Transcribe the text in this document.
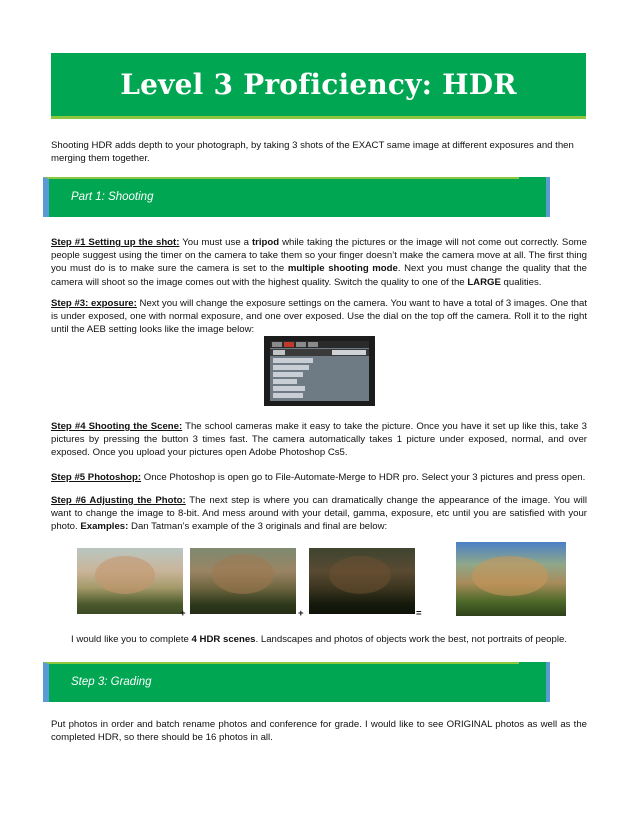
Level 3 Proficiency: HDR

Shooting HDR adds depth to your photograph, by taking 3 shots of the EXACT same image at different exposures and then merging them together.

Part 1: Shooting

Step #1 Setting up the shot: You must use a tripod while taking the pictures or the image will not come out correctly. Some people suggest using the timer on the camera to take them so your finger doesn’t make the camera move at all. The first thing you must do is to make sure the camera is set to the multiple shooting mode. Next you must change the quality that the camera will shoot so the image comes out with the highest quality. Switch the quality to one of the LARGE qualities.

Step #3: exposure: Next you will change the exposure settings on the camera. You want to have a total of 3 images. One that is under exposed, one with normal exposure, and one over exposed. Use the dial on the top off the camera. Roll it to the right until the AEB setting looks like the image below:

Step #4 Shooting the Scene: The school cameras make it easy to take the picture. Once you have it set up like this, take 3 pictures by pressing the button 3 times fast. The camera automatically takes 1 picture under exposed, normal, and over exposed. Once you upload your pictures open Adobe Photoshop Cs5.

Step #5 Photoshop: Once Photoshop is open go to File-Automate-Merge to HDR pro. Select your 3 pictures and press open.

Step #6 Adjusting the Photo: The next step is where you can dramatically change the appearance of the image. You will want to change the image to 8-bit. And mess around with your detail, gamma, exposure, etc until you are satisfied with your photo. Examples: Dan Tatman’s example of the 3 originals and final are below:

+	+	=

I would like you to complete 4 HDR scenes. Landscapes and photos of objects work the best, not portraits of people.

Step 3: Grading

Put photos in order and batch rename photos and conference for grade. I would like to see ORIGINAL photos as well as the completed HDR, so there should be 16 photos in all.
